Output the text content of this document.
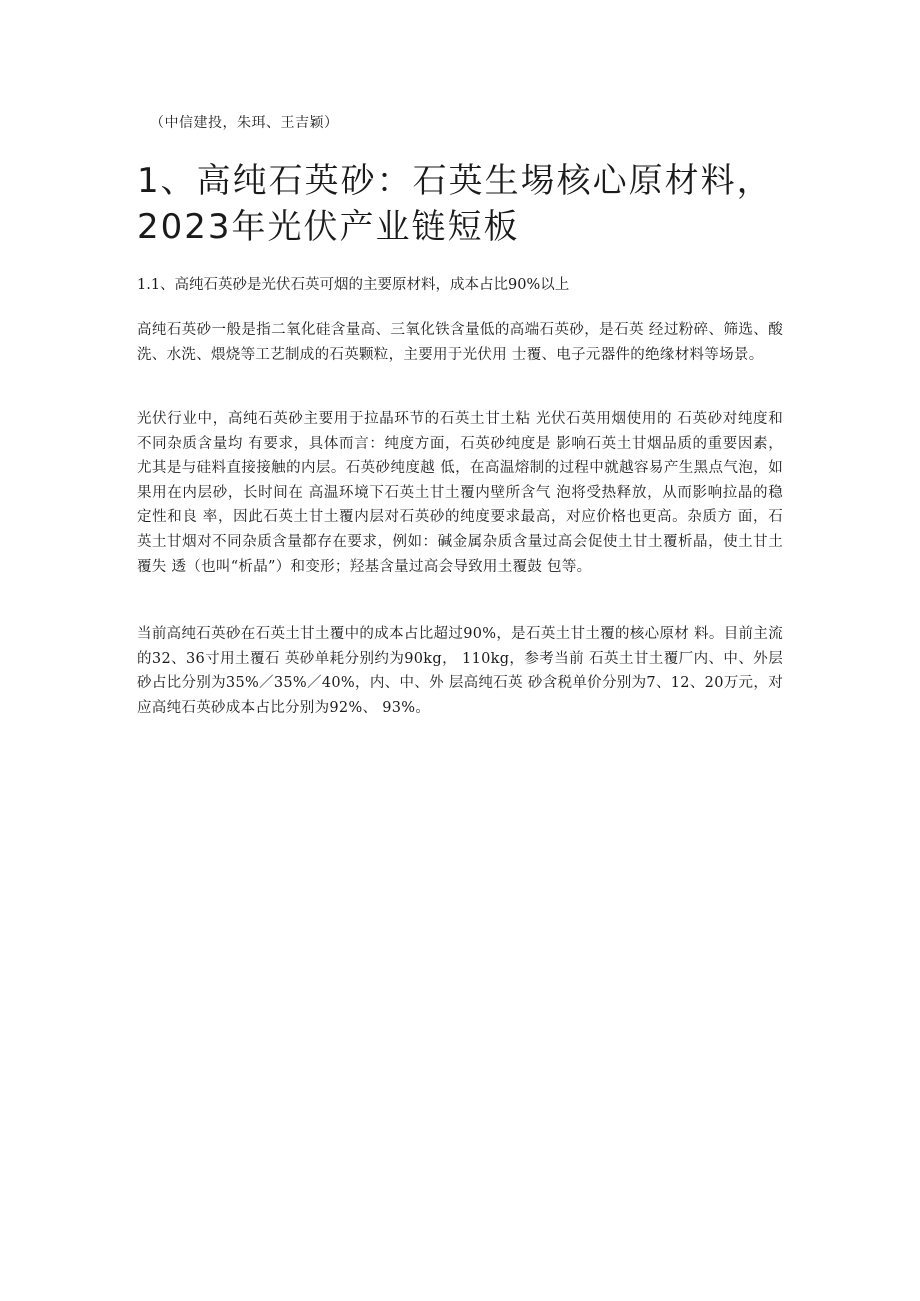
（中信建投，朱珥、王吉颖）
1、高纯石英砂：石英生埸核心原材料，2023年光伏产业链短板
1.1、高纯石英砂是光伏石英可烟的主要原材料，成本占比90%以上

高纯石英砂一般是指二氧化硅含量高、三氧化铁含量低的高端石英砂，是石英 经过粉碎、筛选、酸洗、水洗、煨烧等工艺制成的石英颗粒，主要用于光伏用 士覆、电子元器件的绝缘材料等场景。

光伏行业中，高纯石英砂主要用于拉晶环节的石英土甘土粘 光伏石英用烟使用的 石英砂对纯度和不同杂质含量均 有要求，具体而言：纯度方面，石英砂纯度是 影响石英土甘烟品质的重要因素，尤其是与硅料直接接触的内层。石英砂纯度越 低，在高温熔制的过程中就越容易产生黑点气泡，如果用在内层砂，长时间在 高温环境下石英土甘土覆内壁所含气 泡将受热释放，从而影响拉晶的稳定性和良 率，因此石英土甘土覆内层对石英砂的纯度要求最高，对应价格也更高。杂质方 面，石英土甘烟对不同杂质含量都存在要求，例如：碱金属杂质含量过高会促使土甘土覆析晶，使土甘土覆失 透（也叫“析晶”）和变形；羟基含量过高会导致用土覆鼓 包等。

当前高纯石英砂在石英土甘土覆中的成本占比超过90%，是石英土甘土覆的核心原材 料。目前主流的32、36寸用土覆石 英砂单耗分别约为90kg， 110kg，参考当前 石英土甘土覆厂内、中、外层砂占比分别为35%／35%／40%，内、中、外 层高纯石英 砂含税单价分别为7、12、20万元，对应高纯石英砂成本占比分别为92%、 93%。
